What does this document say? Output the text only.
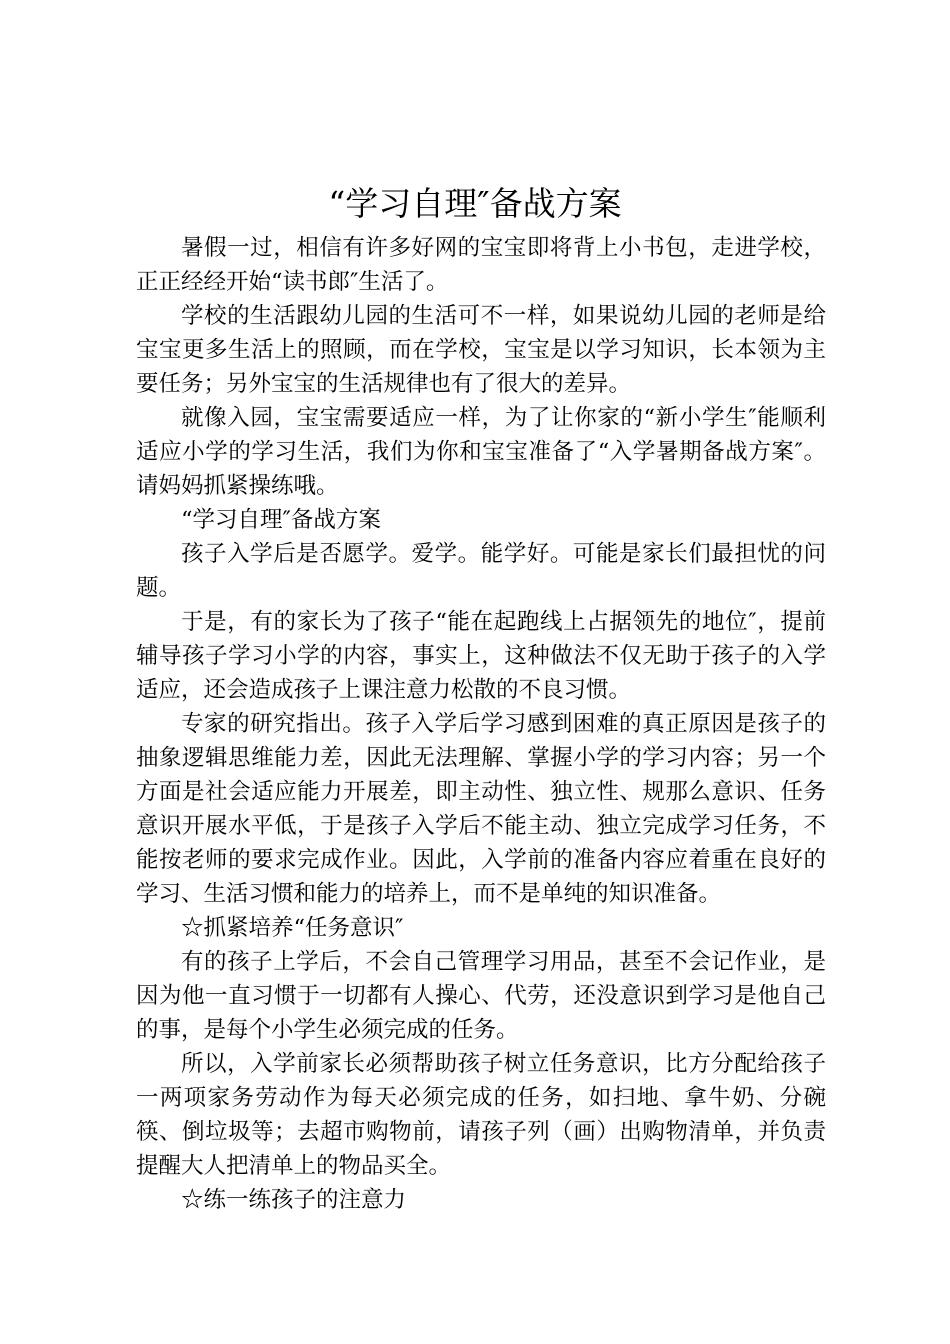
“学习自理″备战方案

暑假一过，相信有许多好网的宝宝即将背上小书包，走进学校，正正经经开始“读书郎″生活了。

学校的生活跟幼儿园的生活可不一样，如果说幼儿园的老师是给宝宝更多生活上的照顾，而在学校，宝宝是以学习知识，长本领为主要任务；另外宝宝的生活规律也有了很大的差异。

就像入园，宝宝需要适应一样，为了让你家的“新小学生″能顺利适应小学的学习生活，我们为你和宝宝准备了“入学暑期备战方案″。请妈妈抓紧操练哦。

“学习自理″备战方案

孩子入学后是否愿学。爱学。能学好。可能是家长们最担忧的问题。

于是，有的家长为了孩子“能在起跑线上占据领先的地位″，提前辅导孩子学习小学的内容，事实上，这种做法不仅无助于孩子的入学适应，还会造成孩子上课注意力松散的不良习惯。

专家的研究指出。孩子入学后学习感到困难的真正原因是孩子的抽象逻辑思维能力差，因此无法理解、掌握小学的学习内容；另一个方面是社会适应能力开展差，即主动性、独立性、规那么意识、任务意识开展水平低，于是孩子入学后不能主动、独立完成学习任务，不能按老师的要求完成作业。因此，入学前的准备内容应着重在良好的学习、生活习惯和能力的培养上，而不是单纯的知识准备。

☆抓紧培养“任务意识″

有的孩子上学后，不会自己管理学习用品，甚至不会记作业，是因为他一直习惯于一切都有人操心、代劳，还没意识到学习是他自己的事，是每个小学生必须完成的任务。

所以，入学前家长必须帮助孩子树立任务意识，比方分配给孩子一两项家务劳动作为每天必须完成的任务，如扫地、拿牛奶、分碗筷、倒垃圾等；去超市购物前，请孩子列（画）出购物清单，并负责提醒大人把清单上的物品买全。

☆练一练孩子的注意力
